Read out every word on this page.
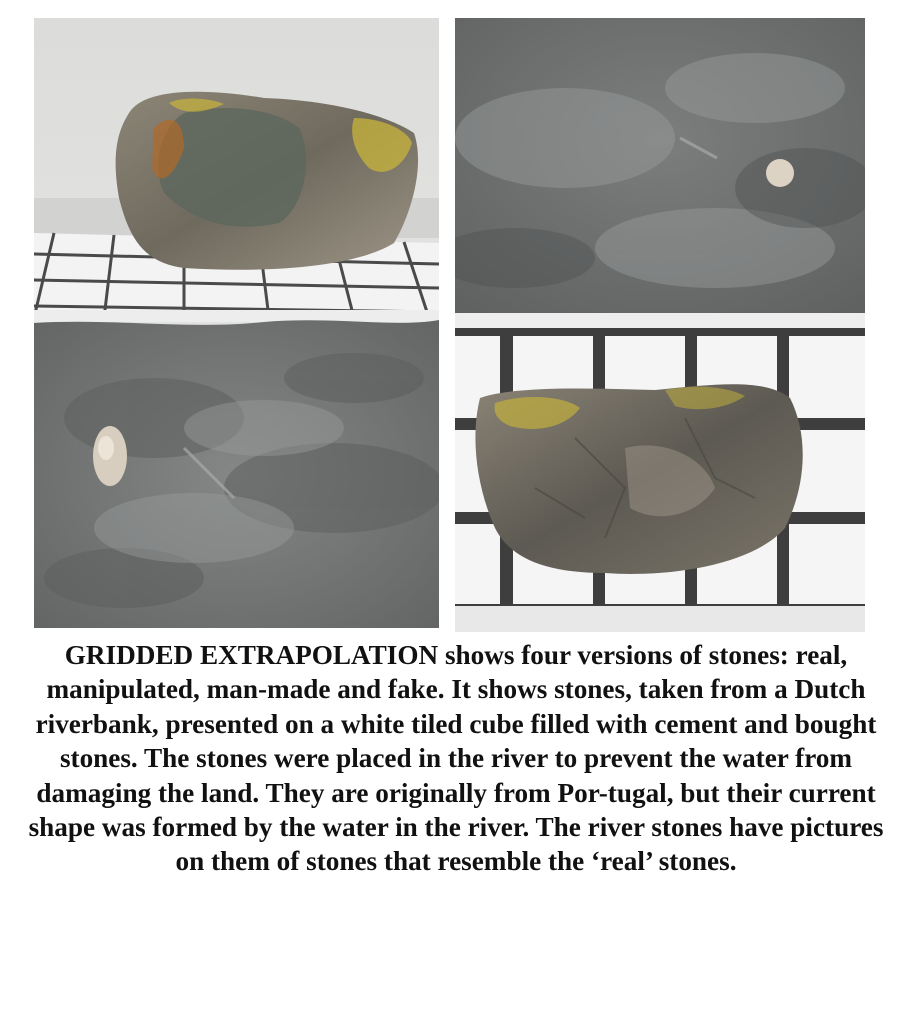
GRIDDED EXTRAPOLATION shows four versions of stones: real, manipulated, man-made and fake. It shows stones, taken from a Dutch riverbank, presented on a white tiled cube filled with cement and bought stones. The stones were placed in the river to prevent the water from damaging the land. They are originally from Por-tugal, but their current shape was formed by the water in the river. The river stones have pictures on them of stones that resemble the ‘real’ stones.
